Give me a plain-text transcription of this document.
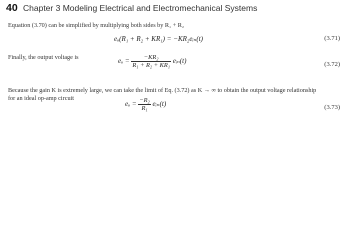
40 Chapter 3 Modeling Electrical and Electromechanical Systems
Equation (3.70) can be simplified by multiplying both sides by R₁ + R₂
eₒ(R₁ + R₂ + KR₁) = −KR₂eᵢₙ(t)	(3.71)
Finally, the output voltage is	$e_o = \frac{\text{−KR₂}}{\text{R₁ + R₂ + KR₁}}$ eᵢₙ(t)	(3.72)
Because the gain K is extremely large, we can take the limit of Eq. (3.72) as K → ∞ to obtain the output voltage relationship
for an ideal op-amp circuit
$e_o = \frac{\text{−R₂}}{\text{R₁}}$ eᵢₙ(t)	(3.73)
